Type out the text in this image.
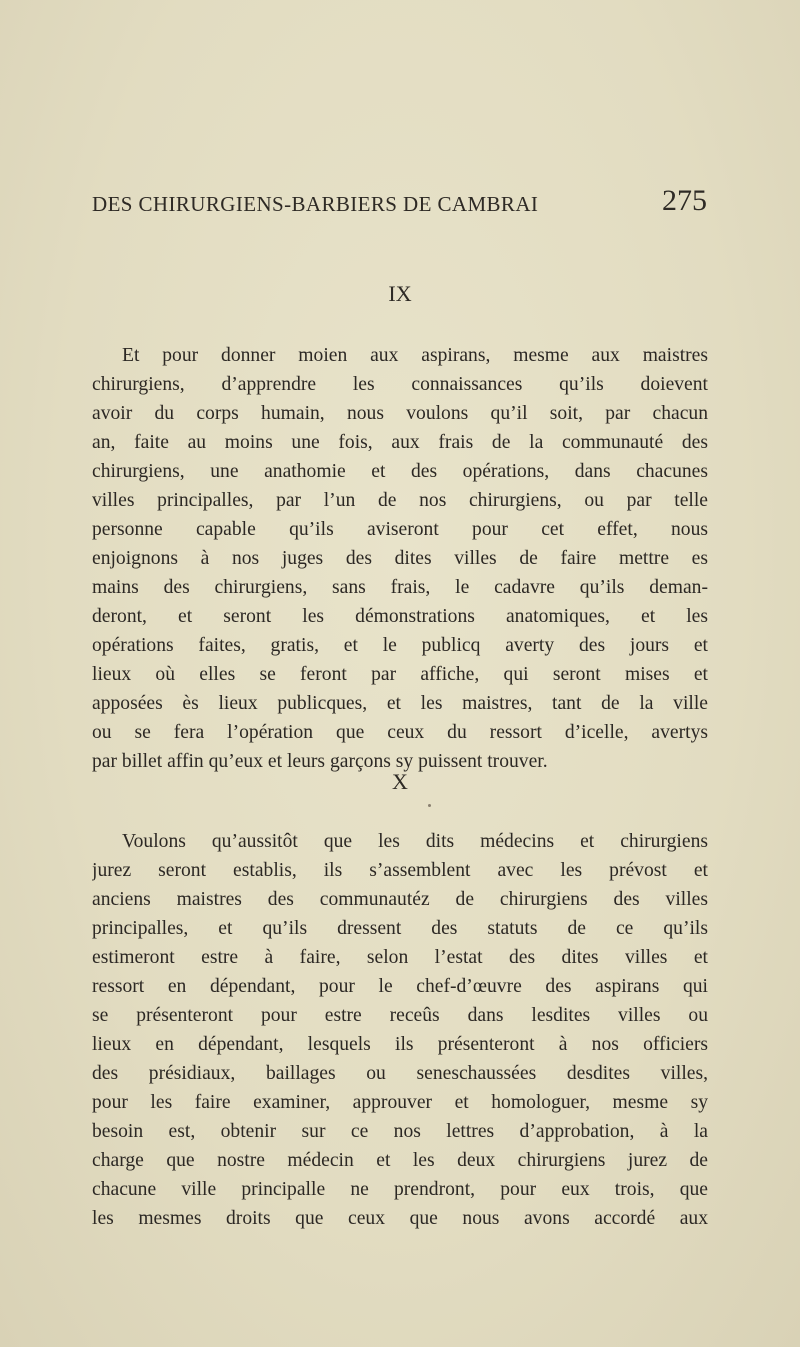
DES CHIRURGIENS-BARBIERS DE CAMBRAI	275
IX
Et pour donner moien aux aspirans, mesme aux maistres
chirurgiens, d’apprendre les connaissances qu’ils doievent
avoir du corps humain, nous voulons qu’il soit, par chacun
an, faite au moins une fois, aux frais de la communauté des
chirurgiens, une anathomie et des opérations, dans chacunes
villes principalles, par l’un de nos chirurgiens, ou par telle
personne capable qu’ils aviseront pour cet effet, nous
enjoignons à nos juges des dites villes de faire mettre es
mains des chirurgiens, sans frais, le cadavre qu’ils deman-
deront, et seront les démonstrations anatomiques, et les
opérations faites, gratis, et le publicq averty des jours et
lieux où elles se feront par affiche, qui seront mises et
apposées ès lieux publicques, et les maistres, tant de la ville
ou se fera l’opération que ceux du ressort d’icelle, avertys
par billet affin qu’eux et leurs garçons sy puissent trouver.
X
Voulons qu’aussitôt que les dits médecins et chirurgiens
jurez seront establis, ils s’assemblent avec les prévost et
anciens maistres des communautéz de chirurgiens des villes
principalles, et qu’ils dressent des statuts de ce qu’ils
estimeront estre à faire, selon l’estat des dites villes et
ressort en dépendant, pour le chef-d’œuvre des aspirans qui
se présenteront pour estre receûs dans lesdites villes ou
lieux en dépendant, lesquels ils présenteront à nos officiers
des présidiaux, baillages ou seneschaussées desdites villes,
pour les faire examiner, approuver et homologuer, mesme sy
besoin est, obtenir sur ce nos lettres d’approbation, à la
charge que nostre médecin et les deux chirurgiens jurez de
chacune ville principalle ne prendront, pour eux trois, que
les mesmes droits que ceux que nous avons accordé aux
